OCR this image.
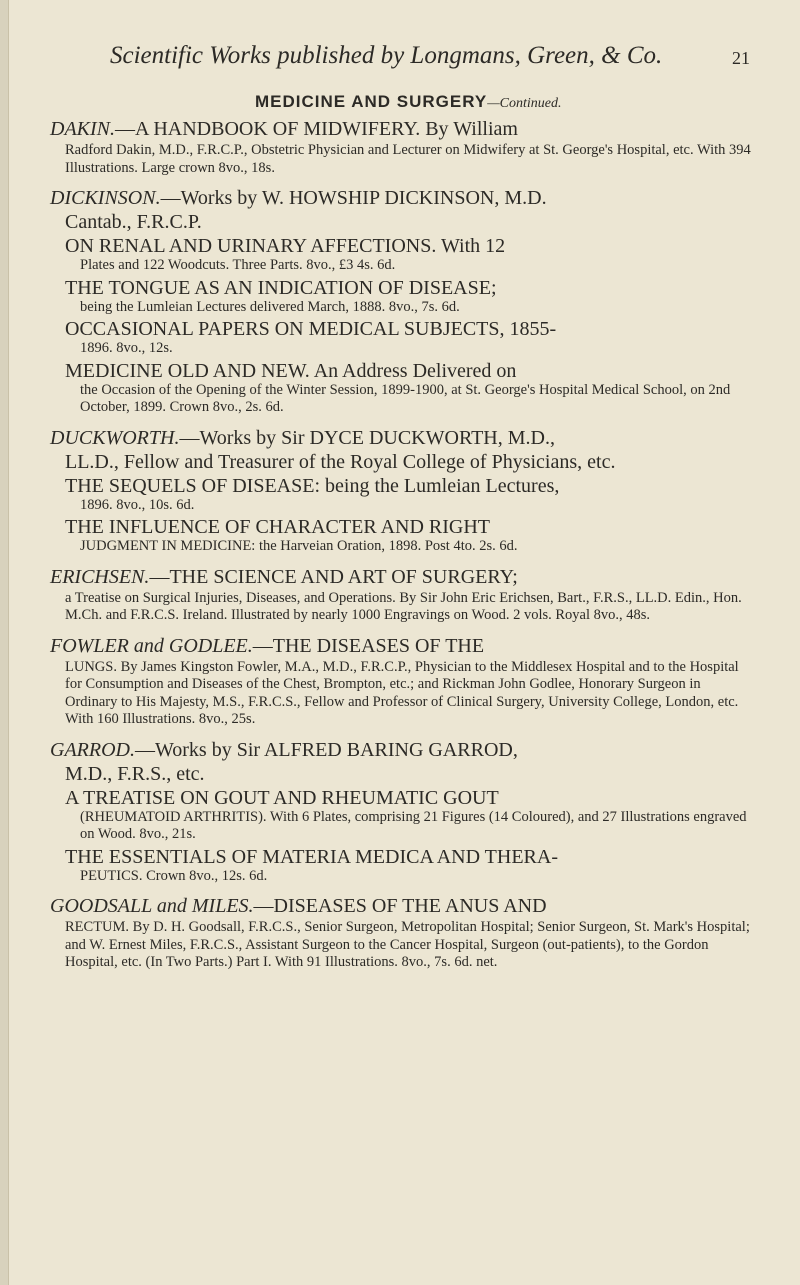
Scientific Works published by Longmans, Green, & Co.	21
MEDICINE AND SURGERY—Continued.
DAKIN.—A HANDBOOK OF MIDWIFERY. By William
Radford Dakin, M.D., F.R.C.P., Obstetric Physician and Lecturer on Midwifery at St. George's Hospital, etc. With 394 Illustrations. Large crown 8vo., 18s.
DICKINSON.—Works by W. HOWSHIP DICKINSON, M.D.
Cantab., F.R.C.P.
ON RENAL AND URINARY AFFECTIONS. With 12
Plates and 122 Woodcuts. Three Parts. 8vo., £3 4s. 6d.
THE TONGUE AS AN INDICATION OF DISEASE;
being the Lumleian Lectures delivered March, 1888. 8vo., 7s. 6d.
OCCASIONAL PAPERS ON MEDICAL SUBJECTS, 1855-
1896. 8vo., 12s.
MEDICINE OLD AND NEW. An Address Delivered on
the Occasion of the Opening of the Winter Session, 1899-1900, at St. George's Hospital Medical School, on 2nd October, 1899. Crown 8vo., 2s. 6d.
DUCKWORTH.—Works by Sir DYCE DUCKWORTH, M.D.,
LL.D., Fellow and Treasurer of the Royal College of Physicians, etc.
THE SEQUELS OF DISEASE: being the Lumleian Lectures,
1896. 8vo., 10s. 6d.
THE INFLUENCE OF CHARACTER AND RIGHT
JUDGMENT IN MEDICINE: the Harveian Oration, 1898. Post 4to. 2s. 6d.
ERICHSEN.—THE SCIENCE AND ART OF SURGERY;
a Treatise on Surgical Injuries, Diseases, and Operations. By Sir John Eric Erichsen, Bart., F.R.S., LL.D. Edin., Hon. M.Ch. and F.R.C.S. Ireland. Illustrated by nearly 1000 Engravings on Wood. 2 vols. Royal 8vo., 48s.
FOWLER and GODLEE.—THE DISEASES OF THE
LUNGS. By James Kingston Fowler, M.A., M.D., F.R.C.P., Physician to the Middlesex Hospital and to the Hospital for Consumption and Diseases of the Chest, Brompton, etc.; and Rickman John Godlee, Honorary Surgeon in Ordinary to His Majesty, M.S., F.R.C.S., Fellow and Professor of Clinical Surgery, University College, London, etc. With 160 Illustrations. 8vo., 25s.
GARROD.—Works by Sir ALFRED BARING GARROD,
M.D., F.R.S., etc.
A TREATISE ON GOUT AND RHEUMATIC GOUT
(RHEUMATOID ARTHRITIS). With 6 Plates, comprising 21 Figures (14 Coloured), and 27 Illustrations engraved on Wood. 8vo., 21s.
THE ESSENTIALS OF MATERIA MEDICA AND THERA-
PEUTICS. Crown 8vo., 12s. 6d.
GOODSALL and MILES.—DISEASES OF THE ANUS AND
RECTUM. By D. H. Goodsall, F.R.C.S., Senior Surgeon, Metropolitan Hospital; Senior Surgeon, St. Mark's Hospital; and W. Ernest Miles, F.R.C.S., Assistant Surgeon to the Cancer Hospital, Surgeon (out-patients), to the Gordon Hospital, etc. (In Two Parts.) Part I. With 91 Illustrations. 8vo., 7s. 6d. net.
